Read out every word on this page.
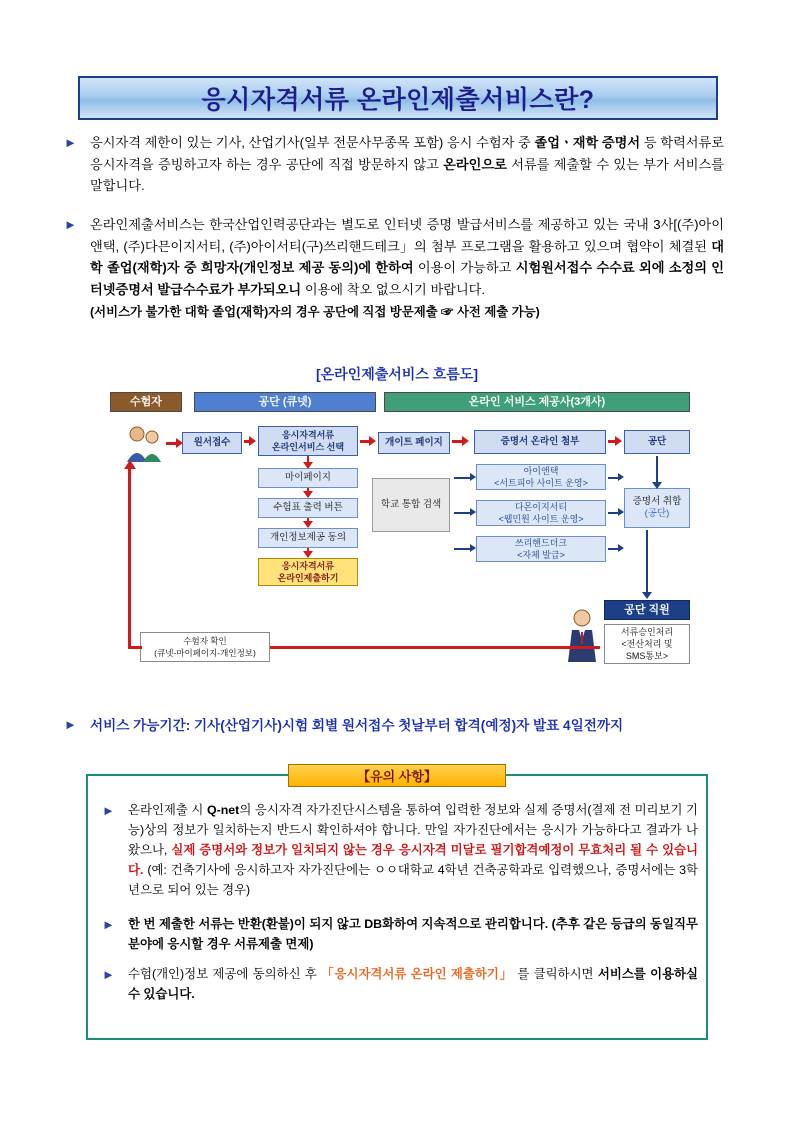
응시자격서류 온라인제출서비스란?
► 응시자격 제한이 있는 기사, 산업기사(일부 전문사무종목 포함) 응시 수험자 중 졸업ㆍ재학 증명서 등 학력서류로 응시자격을 증빙하고자 하는 경우 공단에 직접 방문하지 않고 온라인으로 서류를 제출할 수 있는 부가 서비스를 말합니다.
► 온라인제출서비스는 한국산업인력공단과는 별도로 인터넷 증명 발급서비스를 제공하고 있는 국내 3사[(주)아이앤택, (주)다믄이지서티, (주)아이서티(구)쓰리핸드테크」의 첨부 프로그램을 활용하고 있으며 협약이 체결된 대학 졸업(재학)자 중 희망자(개인정보 제공 동의)에 한하여 이용이 가능하고 시험원서접수 수수료 외에 소정의 인터넷증명서 발급수수료가 부가되오니 이용에 착오 없으시기 바랍니다.
(서비스가 불가한 대학 졸업(재학)자의 경우 공단에 직접 방문제출 ☞ 사전 제출 가능)
[온라인제출서비스 흐름도]
수험자	공단 (큐넷)	온라인 서비스 제공사(3개사)
원서접수
응시자격서류
온라인서비스 선택	개이트 페이지	증명서 온라인 첨부	공단
마이페이지
수험표 출력 버튼
개인정보제공 동의
응시자격서류
온라인제출하기
학교 통합 검색
아이앤택
<서트피아 사이트 운영>
다몬이지서티
<웹민원 사이트 운영>
쓰리핸드더크
<자체 발급>
증명서 취합
(공단)
공단 직원
서류승인처리
<전산처리 및
SMS통보>
수험자 확인
(큐넷-마이페이지-개인정보)
► 서비스 가능기간: 기사(산업기사)시험 회별 원서접수 첫날부터 합격(예정)자 발표 4일전까지
【유의 사항】
►	온라인제출 시 Q-net의 응시자격 자가진단시스템을 통하여 입력한 정보와 실제 증명서(결제 전 미리보기 기능)상의 정보가 일치하는지 반드시 확인하셔야 합니다. 만일 자가진단에서는 응시가 가능하다고 결과가 나왔으나, 실제 증명서와 정보가 일치되지 않는 경우 응시자격 미달로 필기합격예정이 무효처리 될 수 있습니다. (예: 건축기사에 응시하고자 자가진단에는 ㅇㅇ대학교 4학년 건축공학과로 입력했으나, 증명서에는 3학년으로 되어 있는 경우)
►	한 번 제출한 서류는 반환(환불)이 되지 않고 DB화하여 지속적으로 관리합니다. (추후 같은 등급의 동일직무분야에 응시할 경우 서류제출 면제)
►	수험(개인)정보 제공에 동의하신 후 「응시자격서류 온라인 제출하기」 를 클릭하시면 서비스를 이용하실 수 있습니다.
